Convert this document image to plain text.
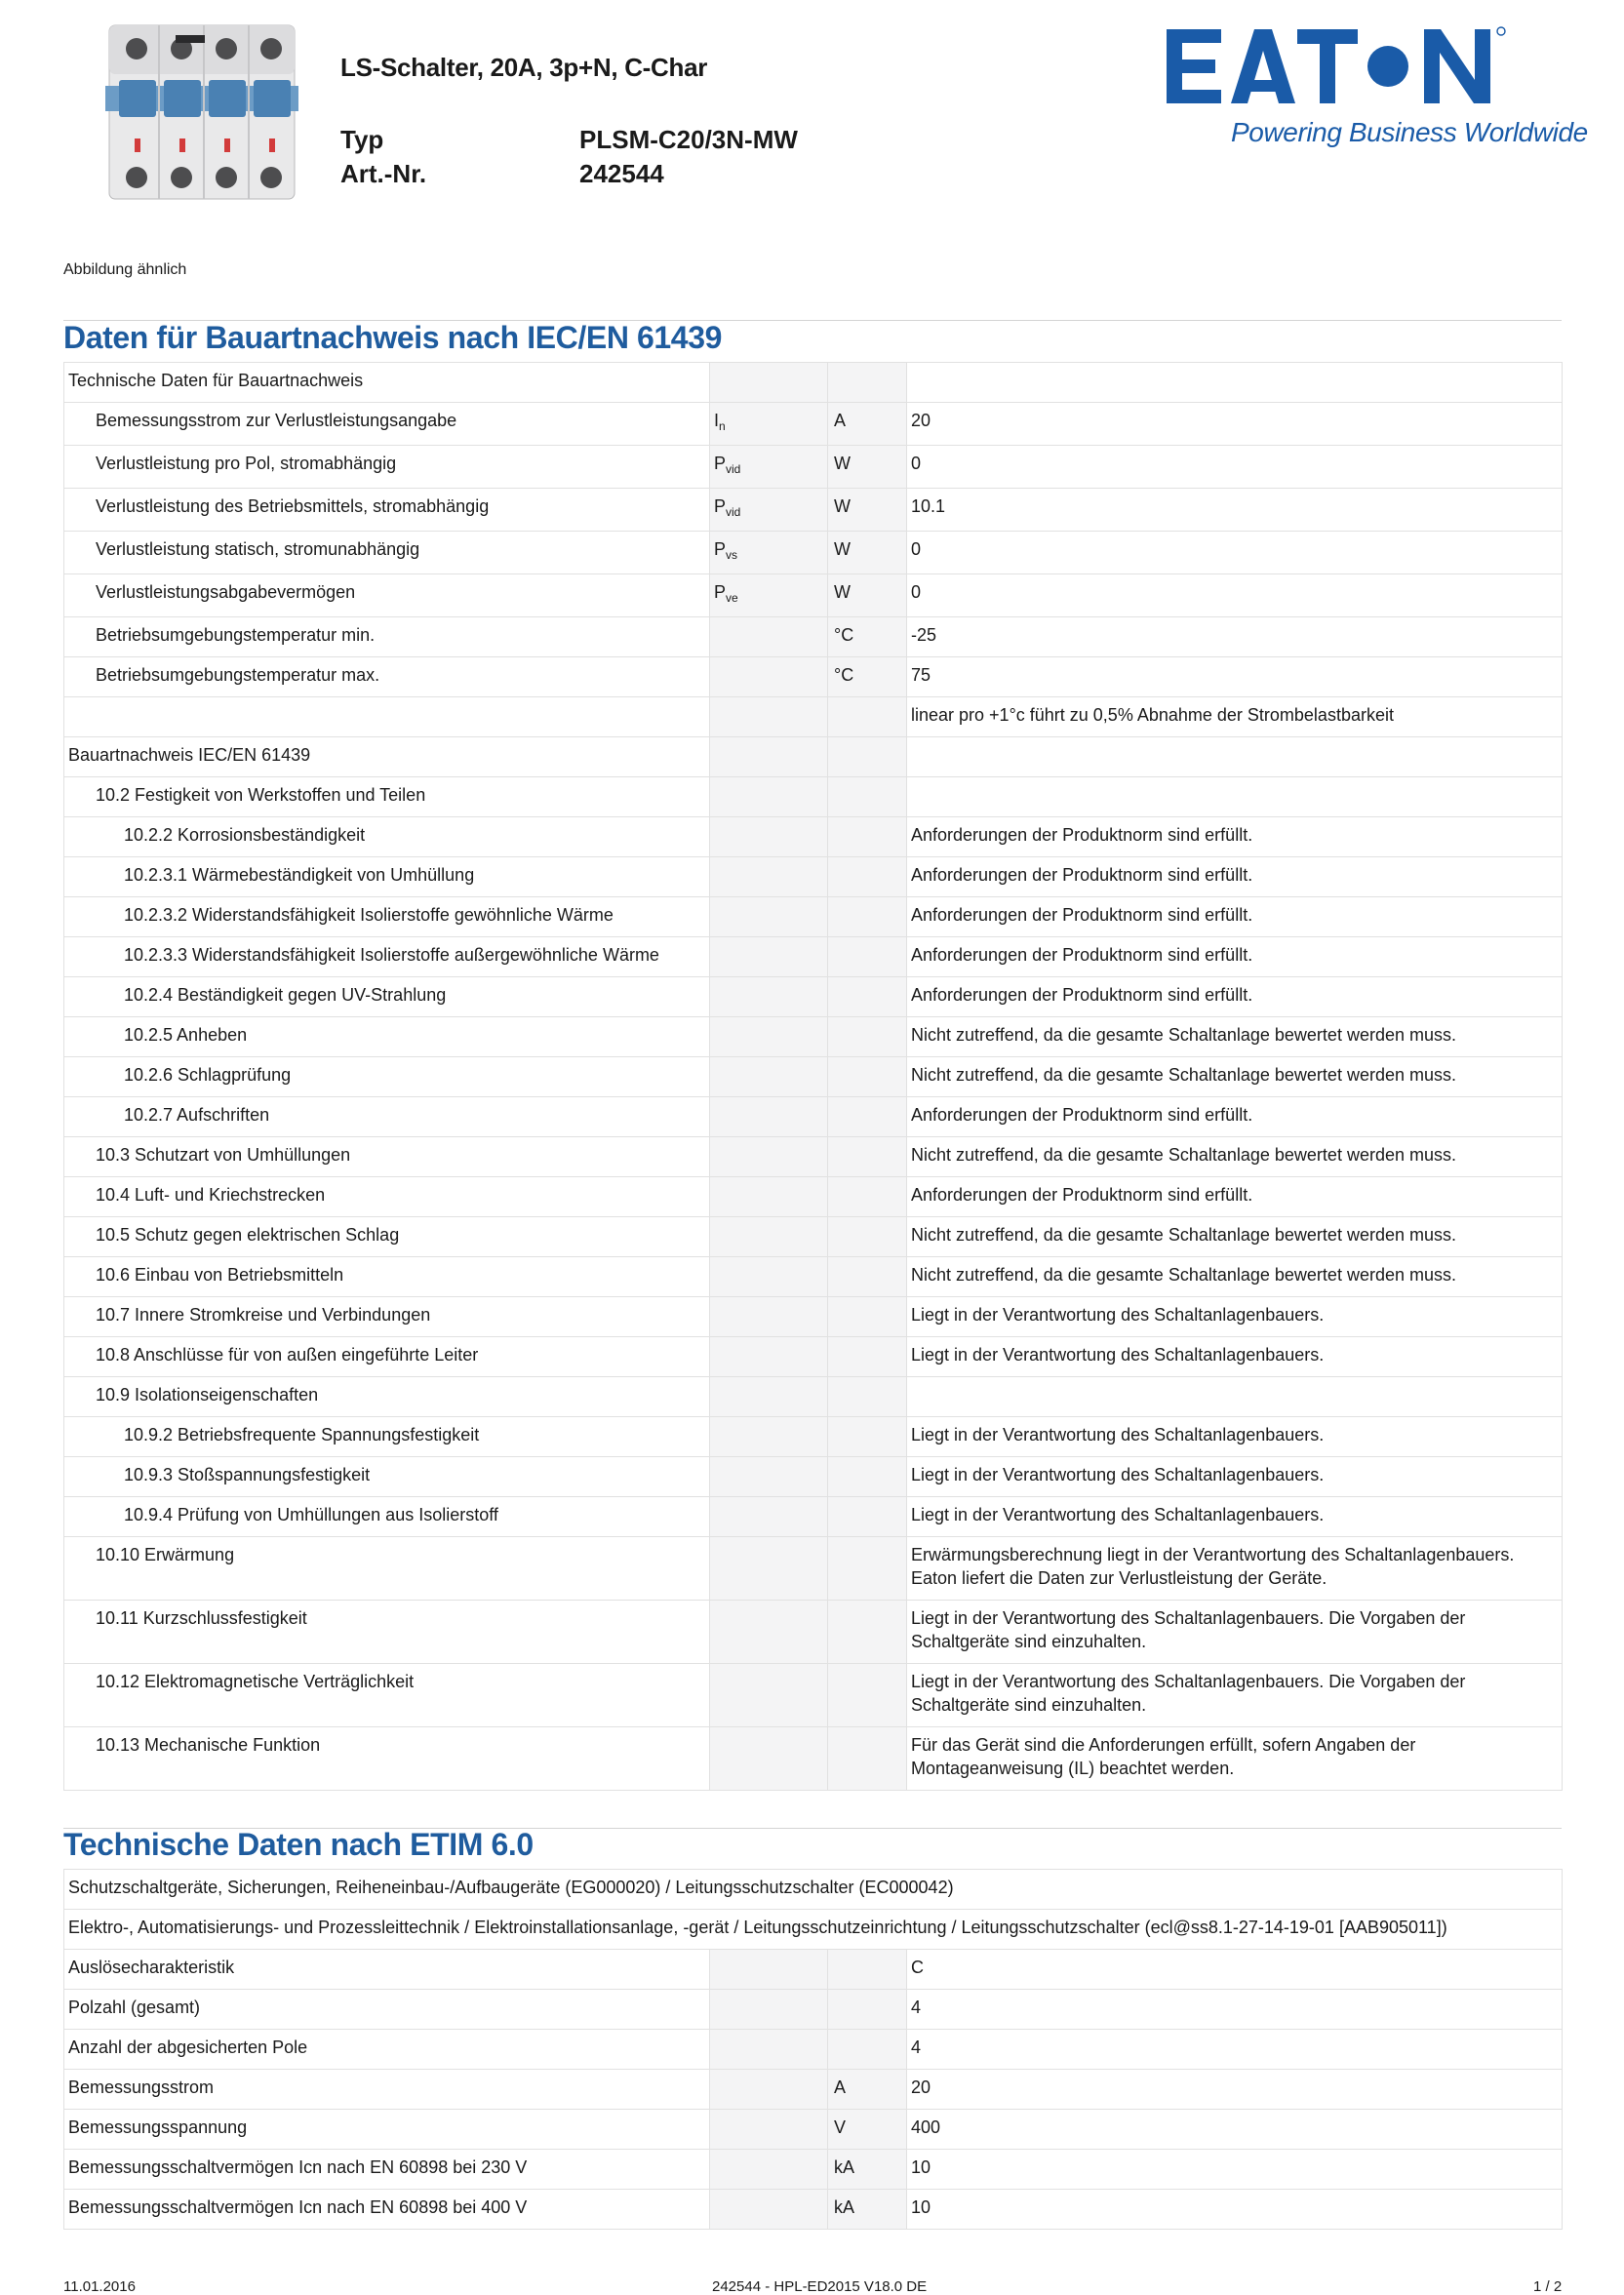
LS-Schalter, 20A, 3p+N, C-Char
Typ	PLSM-C20/3N-MW
Art.-Nr.	242544
Powering Business Worldwide
Abbildung ähnlich
Daten für Bauartnachweis nach IEC/EN 61439
Technische Daten für Bauartnachweis			

Bemessungsstrom zur Verlustleistungsangabe	$I_n$	A	20

Verlustleistung pro Pol, stromabhängig	$P_{vid}$	W	0

Verlustleistung des Betriebsmittels, stromabhängig	$P_{vid}$	W	10.1

Verlustleistung statisch, stromunabhängig	$P_{vs}$	W	0

Verlustleistungsabgabevermögen	$P_{ve}$	W	0

Betriebsumgebungstemperatur min.		°C	-25

Betriebsumgebungstemperatur max.		°C	75

			linear pro +1°c führt zu 0,5% Abnahme der Strombelastbarkeit

Bauartnachweis IEC/EN 61439			

10.2 Festigkeit von Werkstoffen und Teilen			

10.2.2 Korrosionsbeständigkeit			Anforderungen der Produktnorm sind erfüllt.

10.2.3.1 Wärmebeständigkeit von Umhüllung			Anforderungen der Produktnorm sind erfüllt.

10.2.3.2 Widerstandsfähigkeit Isolierstoffe gewöhnliche Wärme			Anforderungen der Produktnorm sind erfüllt.

10.2.3.3 Widerstandsfähigkeit Isolierstoffe außergewöhnliche Wärme			Anforderungen der Produktnorm sind erfüllt.

10.2.4 Beständigkeit gegen UV-Strahlung			Anforderungen der Produktnorm sind erfüllt.

10.2.5 Anheben			Nicht zutreffend, da die gesamte Schaltanlage bewertet werden muss.

10.2.6 Schlagprüfung			Nicht zutreffend, da die gesamte Schaltanlage bewertet werden muss.

10.2.7 Aufschriften			Anforderungen der Produktnorm sind erfüllt.

10.3 Schutzart von Umhüllungen			Nicht zutreffend, da die gesamte Schaltanlage bewertet werden muss.

10.4 Luft- und Kriechstrecken			Anforderungen der Produktnorm sind erfüllt.

10.5 Schutz gegen elektrischen Schlag			Nicht zutreffend, da die gesamte Schaltanlage bewertet werden muss.

10.6 Einbau von Betriebsmitteln			Nicht zutreffend, da die gesamte Schaltanlage bewertet werden muss.

10.7 Innere Stromkreise und Verbindungen			Liegt in der Verantwortung des Schaltanlagenbauers.

10.8 Anschlüsse für von außen eingeführte Leiter			Liegt in der Verantwortung des Schaltanlagenbauers.

10.9 Isolationseigenschaften			

10.9.2 Betriebsfrequente Spannungsfestigkeit			Liegt in der Verantwortung des Schaltanlagenbauers.

10.9.3 Stoßspannungsfestigkeit			Liegt in der Verantwortung des Schaltanlagenbauers.

10.9.4 Prüfung von Umhüllungen aus Isolierstoff			Liegt in der Verantwortung des Schaltanlagenbauers.

10.10 Erwärmung			Erwärmungsberechnung liegt in der Verantwortung des Schaltanlagenbauers. Eaton liefert die Daten zur Verlustleistung der Geräte.

10.11 Kurzschlussfestigkeit			Liegt in der Verantwortung des Schaltanlagenbauers. Die Vorgaben der Schaltgeräte sind einzuhalten.

10.12 Elektromagnetische Verträglichkeit			Liegt in der Verantwortung des Schaltanlagenbauers. Die Vorgaben der Schaltgeräte sind einzuhalten.

10.13 Mechanische Funktion			Für das Gerät sind die Anforderungen erfüllt, sofern Angaben der Montageanweisung (IL) beachtet werden.
Technische Daten nach ETIM 6.0
Schutzschaltgeräte, Sicherungen, Reiheneinbau-/Aufbaugeräte (EG000020) / Leitungsschutzschalter (EC000042)			

Elektro-, Automatisierungs- und Prozessleittechnik / Elektroinstallationsanlage, -gerät / Leitungsschutzeinrichtung / Leitungsschutzschalter (ecl@ss8.1-27-14-19-01 [AAB905011])			

Auslösecharakteristik			C

Polzahl (gesamt)			4

Anzahl der abgesicherten Pole			4

Bemessungsstrom		A	20

Bemessungsspannung		V	400

Bemessungsschaltvermögen Icn nach EN 60898 bei 230 V		kA	10

Bemessungsschaltvermögen Icn nach EN 60898 bei 400 V		kA	10
11.01.2016	242544 - HPL-ED2015 V18.0 DE	1 / 2
